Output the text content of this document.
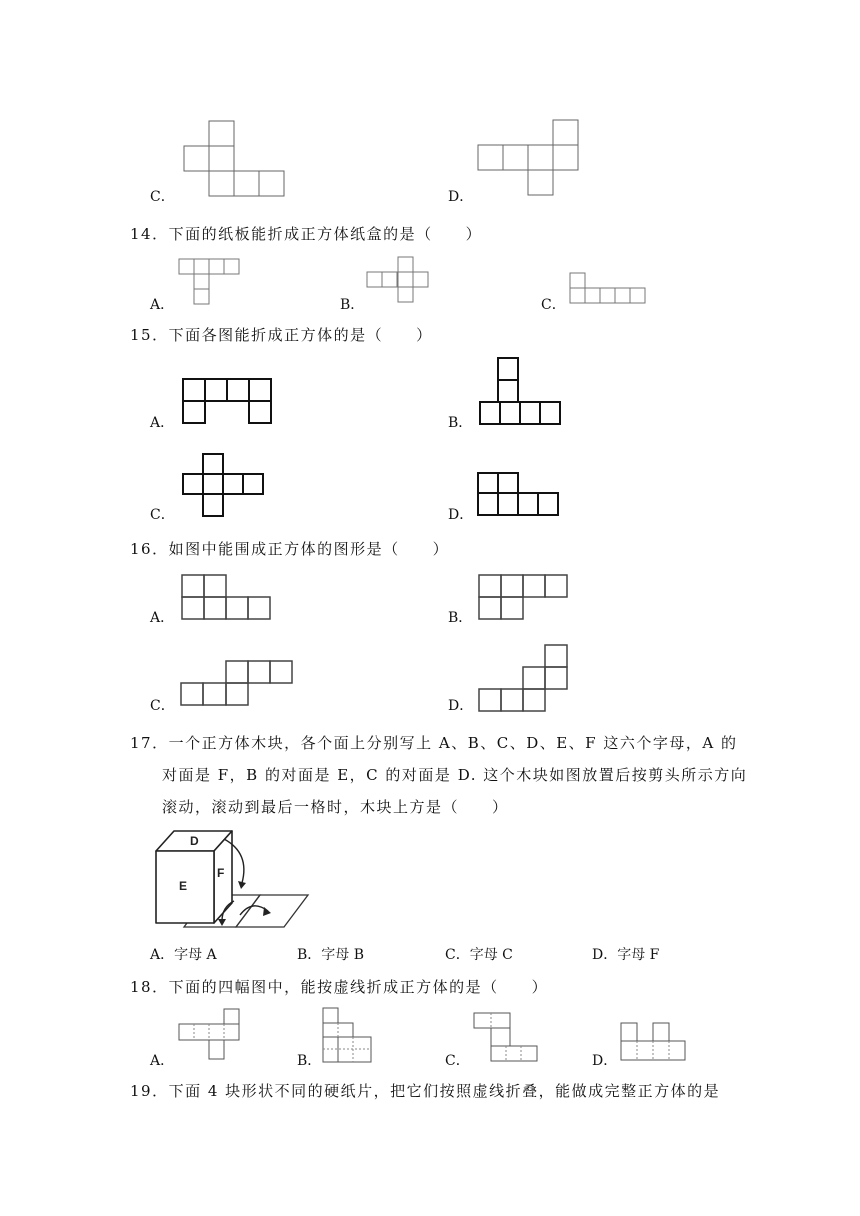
C．	D．
14．下面的纸板能折成正方体纸盒的是（　　）
A．	B．	C．
15．下面各图能折成正方体的是（　　）
A．	B．
C．	D．
16．如图中能围成正方体的图形是（　　）
A．	B．
C．	D．
17．一个正方体木块，各个面上分别写上 A、B、C、D、E、F 这六个字母，A 的
对面是 F，B 的对面是 E，C 的对面是 D. 这个木块如图放置后按剪头所示方向
滚动，滚动到最后一格时，木块上方是（　　）
D
E
F
A．字母 A	B．字母 B	C．字母 C	D．字母 F
18．下面的四幅图中，能按虚线折成正方体的是（　　）
A．	B．	C．	D．
19．下面 4 块形状不同的硬纸片，把它们按照虚线折叠，能做成完整正方体的是
